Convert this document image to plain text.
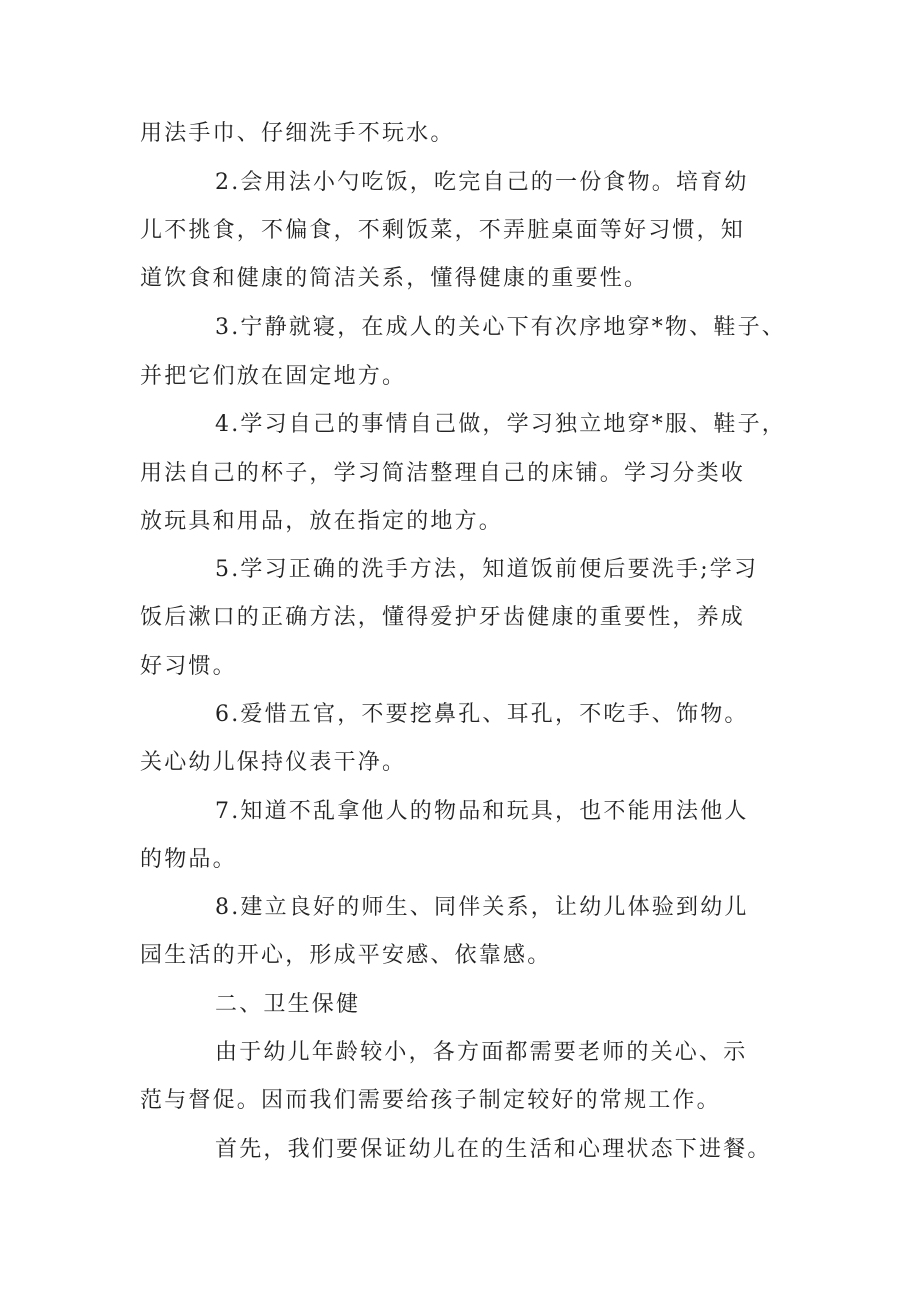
用法手巾、仔细洗手不玩水。
2.会用法小勺吃饭，吃完自己的一份食物。培育幼
儿不挑食，不偏食，不剩饭菜，不弄脏桌面等好习惯，知
道饮食和健康的简洁关系，懂得健康的重要性。
3.宁静就寝，在成人的关心下有次序地穿*物、鞋子、
并把它们放在固定地方。
4.学习自己的事情自己做，学习独立地穿*服、鞋子，
用法自己的杯子，学习简洁整理自己的床铺。学习分类收
放玩具和用品，放在指定的地方。
5.学习正确的洗手方法，知道饭前便后要洗手;学习
饭后漱口的正确方法，懂得爱护牙齿健康的重要性，养成
好习惯。
6.爱惜五官，不要挖鼻孔、耳孔，不吃手、饰物。
关心幼儿保持仪表干净。
7.知道不乱拿他人的物品和玩具，也不能用法他人
的物品。
8.建立良好的师生、同伴关系，让幼儿体验到幼儿
园生活的开心，形成平安感、依靠感。
二、卫生保健
由于幼儿年龄较小，各方面都需要老师的关心、示
范与督促。因而我们需要给孩子制定较好的常规工作。
首先，我们要保证幼儿在的生活和心理状态下进餐。
